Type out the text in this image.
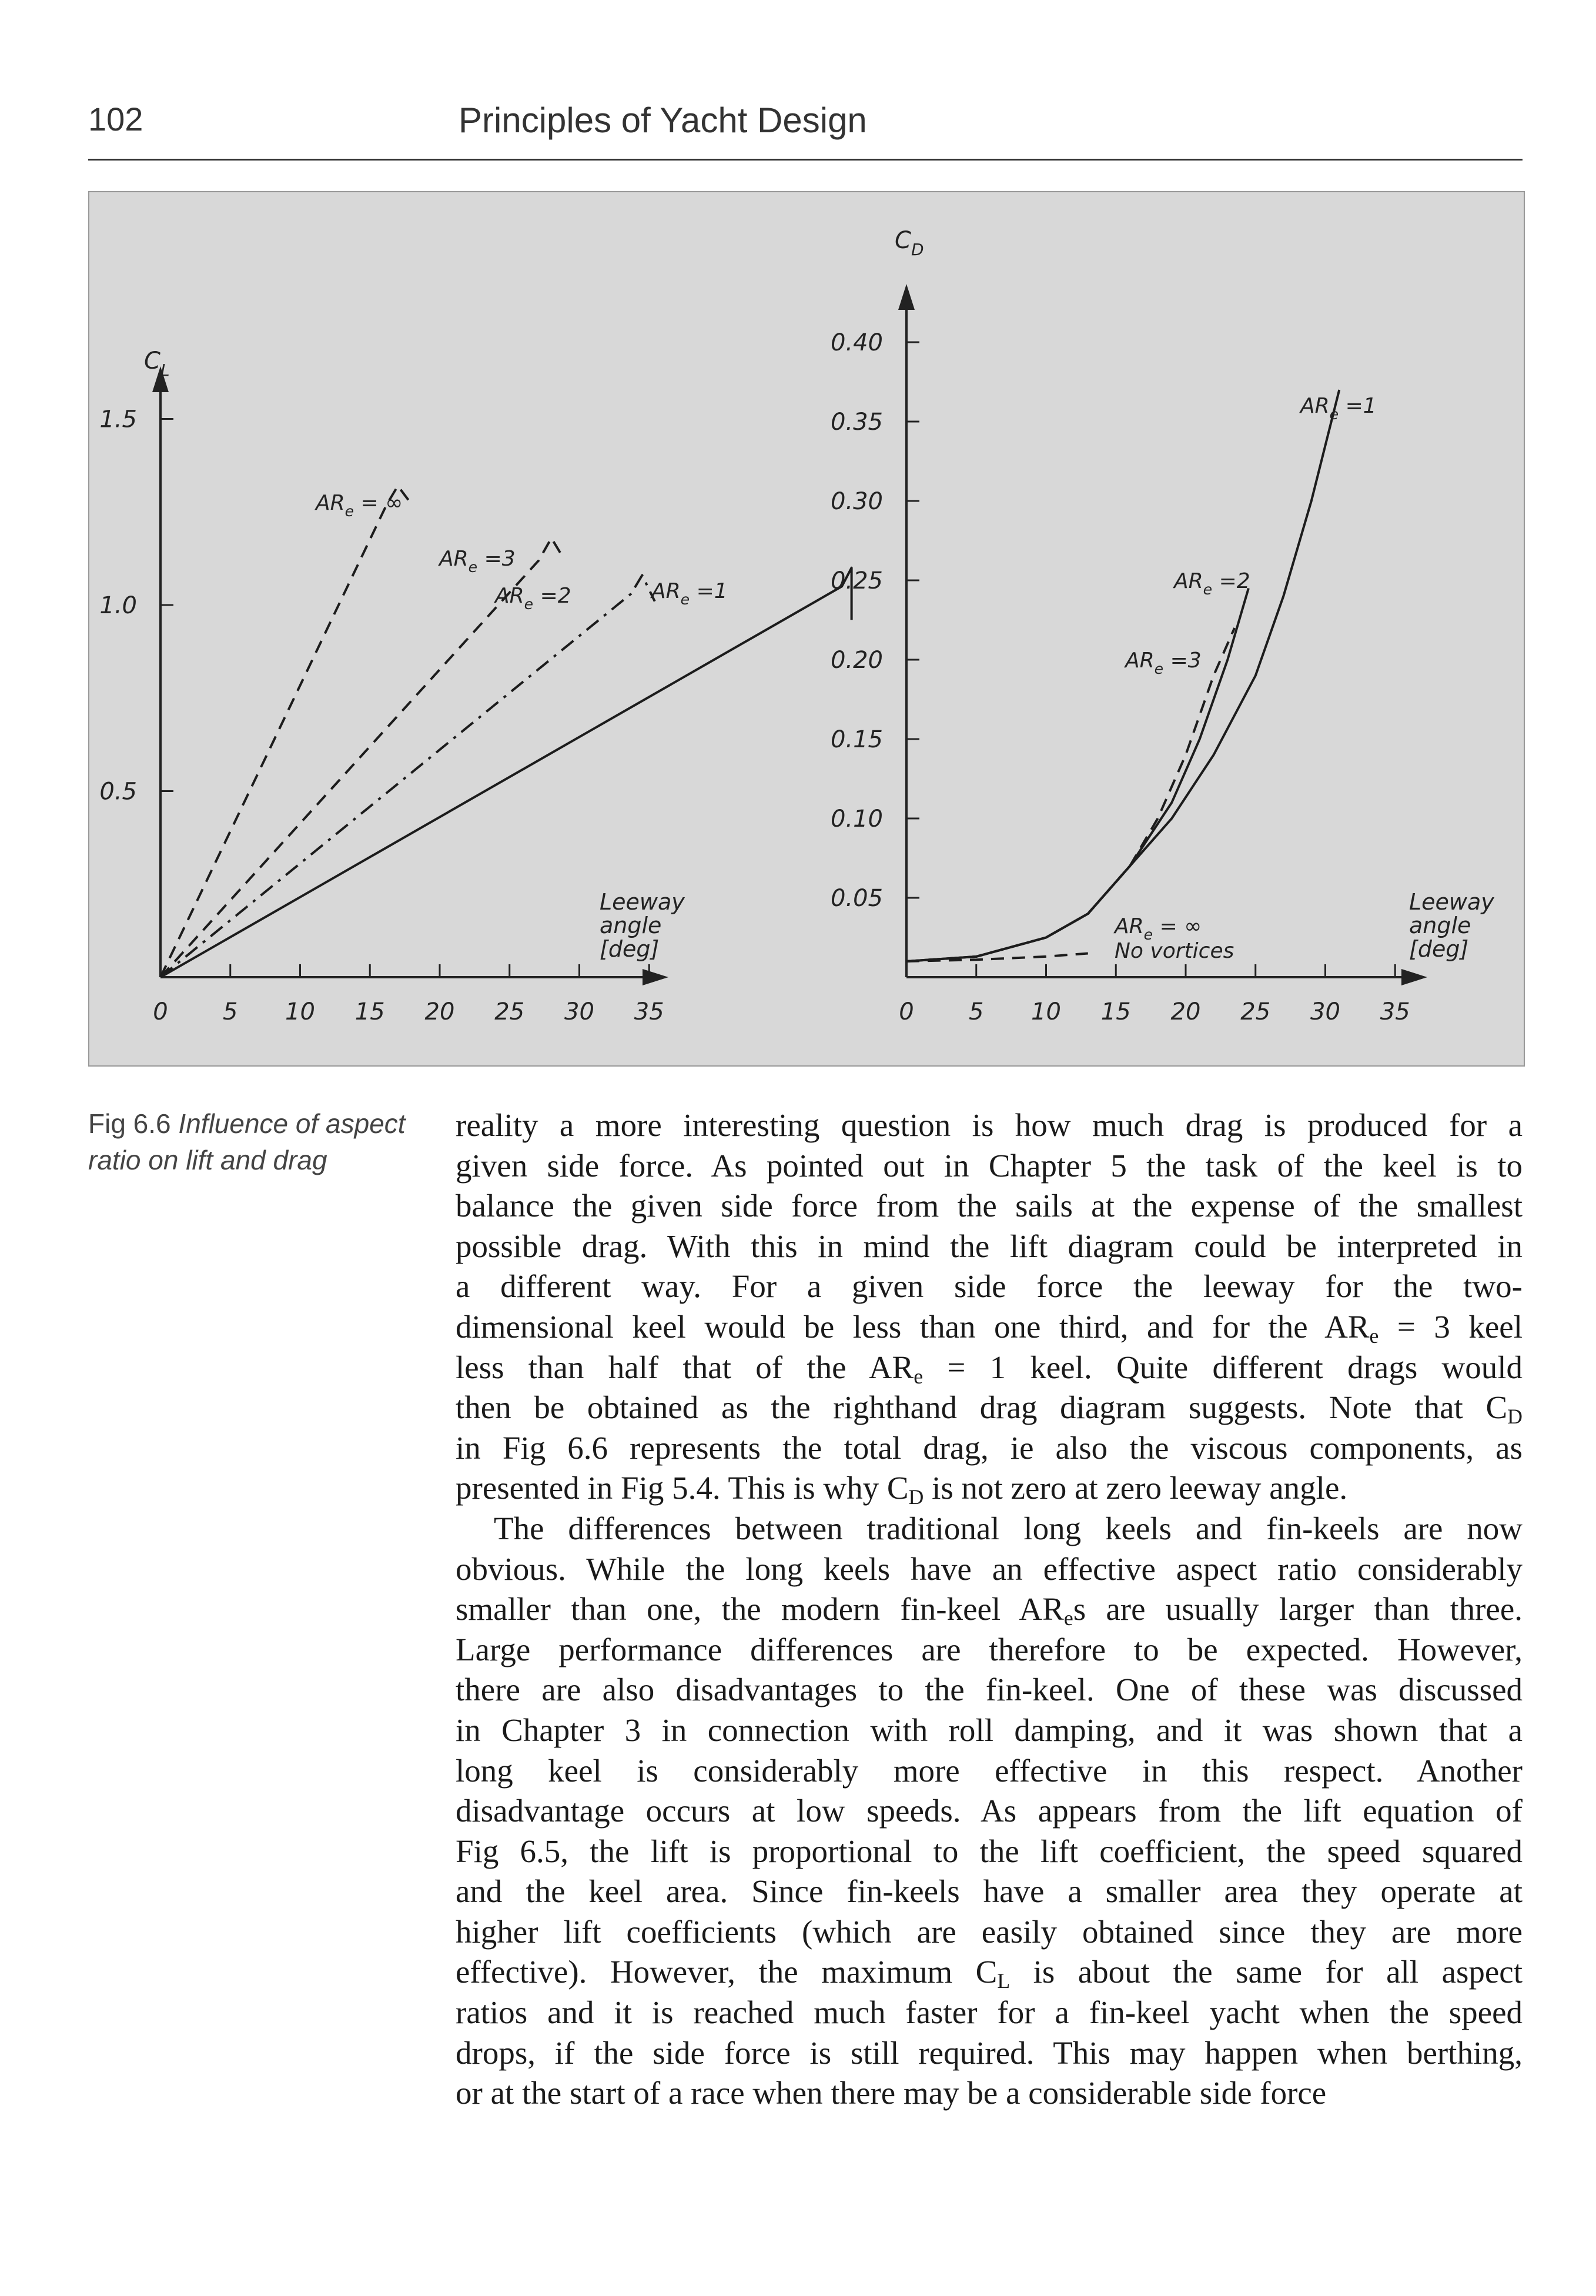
102	Principles of Yacht Design
$C_L$
0 5 10 15 20 25 30 35
0.5
1.0
1.5
Leeway
angle
[deg]
$AR_e$ = ∞
$AR_e =3$
$AR_e =2$	$AR_e =1$
$C_D$
0 5 10 15 20 25 30 35
0.05
0.10
0.15
0.20
0.25
0.30
0.35
0.40
Leeway
angle
[deg]
$AR_e =1$
$AR_e =2$
$AR_e =3$
$AR_e$ = ∞
No vortices
Fig 6.6 Influence of aspect
ratio on lift and drag
reality a more interesting question is how much drag is produced for a
given side force. As pointed out in Chapter 5 the task of the keel is to
balance the given side force from the sails at the expense of the smallest
possible drag. With this in mind the lift diagram could be interpreted in
a different way. For a given side force the leeway for the two-
dimensional keel would be less than one third, and for the $AR_e = 3$ keel
less than half that of the $AR_e = 1$ keel. Quite different drags would
then be obtained as the righthand drag diagram suggests. Note that $C_D$
in Fig 6.6 represents the total drag, ie also the viscous components, as
presented in Fig 5.4. This is why $C_D$ is not zero at zero leeway angle.
The differences between traditional long keels and fin-keels are now
obvious. While the long keels have an effective aspect ratio considerably
smaller than one, the modern fin-keel $AR_es$ are usually larger than three.
Large performance differences are therefore to be expected. However,
there are also disadvantages to the fin-keel. One of these was discussed
in Chapter 3 in connection with roll damping, and it was shown that a
long keel is considerably more effective in this respect. Another
disadvantage occurs at low speeds. As appears from the lift equation of
Fig 6.5, the lift is proportional to the lift coefficient, the speed squared
and the keel area. Since fin-keels have a smaller area they operate at
higher lift coefficients (which are easily obtained since they are more
effective). However, the maximum $C_L$ is about the same for all aspect
ratios and it is reached much faster for a fin-keel yacht when the speed
drops, if the side force is still required. This may happen when berthing,
or at the start of a race when there may be a considerable side force
